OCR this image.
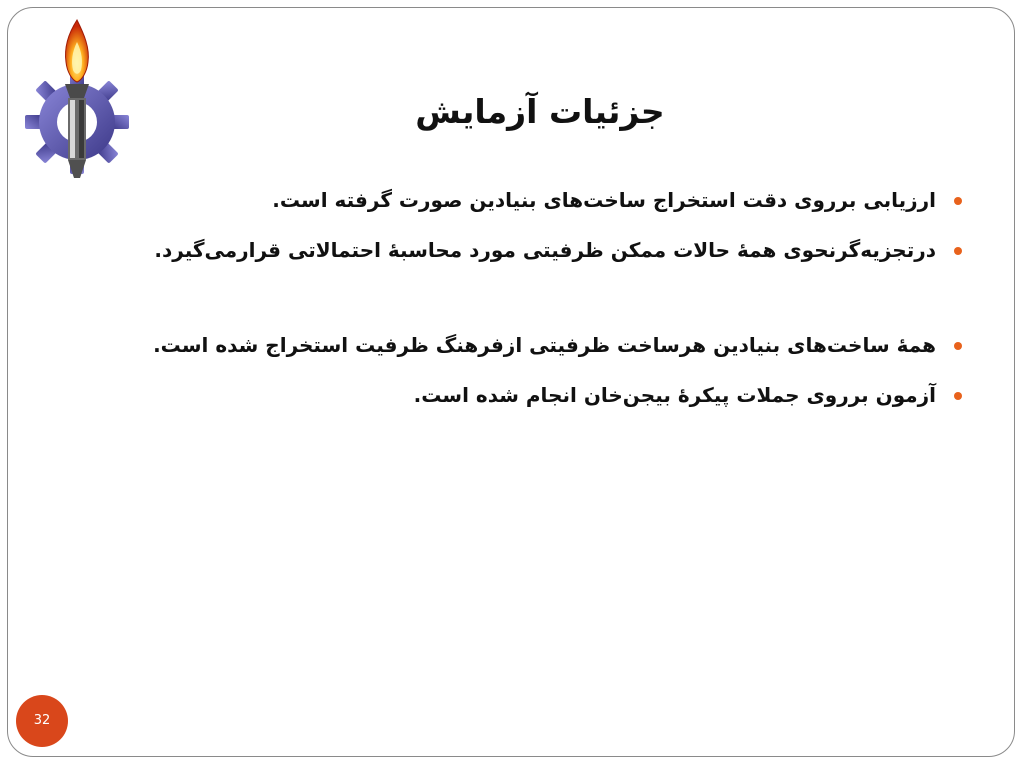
جزئیات آزمایش
ارزیابی برروی دقت استخراج ساخت‌های بنیادین صورت گرفته است.
درتجزیه‌گرنحوی همهٔ حالات ممکن ظرفیتی مورد محاسبهٔ احتمالاتی قرارمی‌گیرد.
همهٔ ساخت‌های بنیادین هرساخت ظرفیتی ازفرهنگ ظرفیت استخراج شده است.
آزمون برروی جملات پیکرهٔ بیجن‌خان انجام شده است.
32
